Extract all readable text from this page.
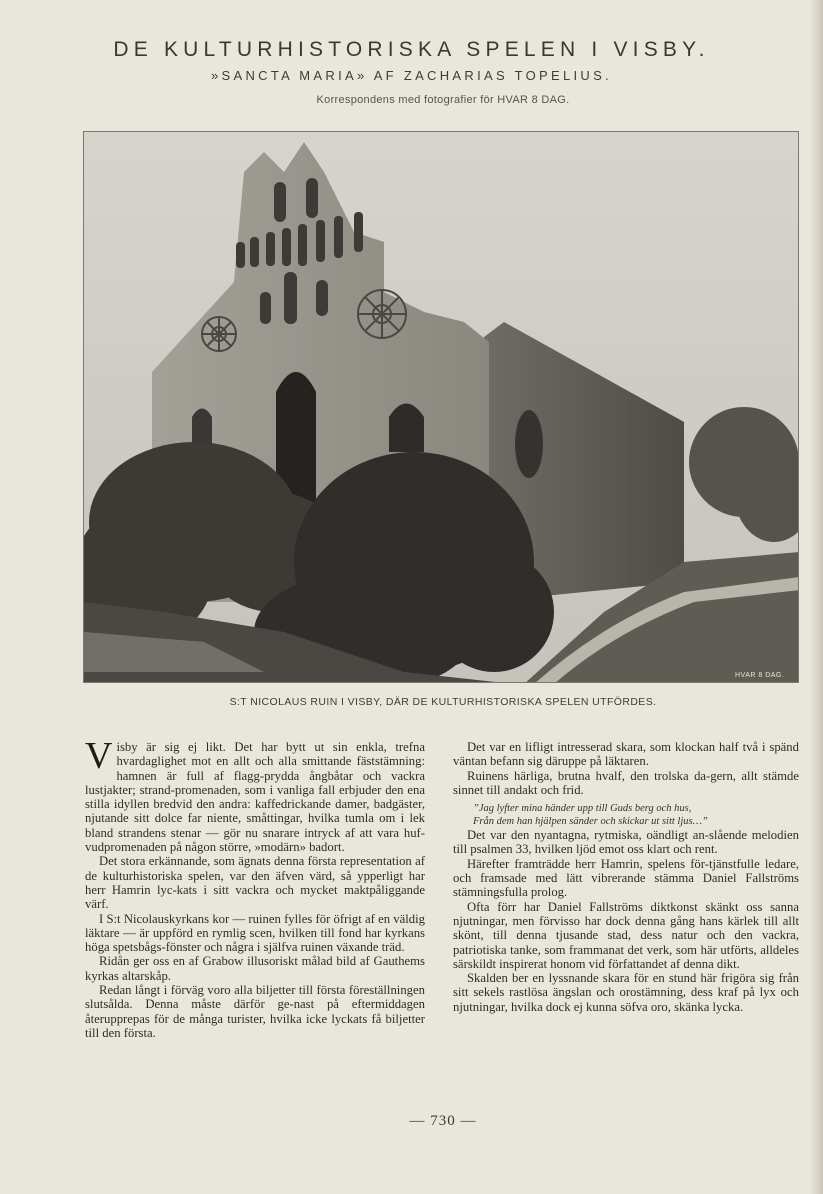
DE KULTURHISTORISKA SPELEN I VISBY.
»SANCTA MARIA» AF ZACHARIAS TOPELIUS.
Korrespondens med fotografier för HVAR 8 DAG.
HVAR 8 DAG.
S:T NICOLAUS RUIN I VISBY, DÄR DE KULTURHISTORISKA SPELEN UTFÖRDES.

Visby är sig ej likt. Det har bytt ut sin enkla, trefna hvardaglighet mot en allt och alla smittande fäststämning: hamnen är full af flagg-prydda ångbåtar och vackra lustjakter; strand-promenaden, som i vanliga fall erbjuder den ena stilla idyllen bredvid den andra: kaffedrickande damer, badgäster, njutande sitt dolce far niente, småttingar, hvilka tumla om i lek bland strandens stenar — gör nu snarare intryck af att vara huf-vudpromenaden på någon större, »modärn» badort.

Det stora erkännande, som ägnats denna första representation af de kulturhistoriska spelen, var den äfven värd, så ypperligt har herr Hamrin lyc-kats i sitt vackra och mycket maktpåliggande värf.

I S:t Nicolauskyrkans kor — ruinen fylles för öfrigt af en väldig läktare — är uppförd en rymlig scen, hvilken till fond har kyrkans höga spetsbågs-fönster och några i själfva ruinen växande träd.

Ridån ger oss en af Grabow illusoriskt målad bild af Gauthems kyrkas altarskåp.

Redan långt i förväg voro alla biljetter till första föreställningen slutsålda. Denna måste därför ge-nast på eftermiddagen återupprepas för de många turister, hvilka icke lyckats få biljetter till den första.

Det var en lifligt intresserad skara, som klockan half två i spänd väntan befann sig däruppe på läktaren.

Ruinens härliga, brutna hvalf, den trolska da-gern, allt stämde sinnet till andakt och frid.

”Jag lyfter mina händer upp till Guds berg och hus,
Från dem han hjälpen sänder och skickar ut sitt ljus…”

Det var den nyantagna, rytmiska, oändligt an-slående melodien till psalmen 33, hvilken ljöd emot oss klart och rent.

Härefter framträdde herr Hamrin, spelens för-tjänstfulle ledare, och framsade med lätt vibrerande stämma Daniel Fallströms stämningsfulla prolog.

Ofta förr har Daniel Fallströms diktkonst skänkt oss sanna njutningar, men förvisso har dock denna gång hans kärlek till allt skönt, till denna tjusande stad, dess natur och den vackra, patriotiska tanke, som frammanat det verk, som här utförts, alldeles särskildt inspirerat honom vid författandet af denna dikt.

Skalden ber en lyssnande skara för en stund här frigöra sig från sitt sekels rastlösa ängslan och orostämning, dess kraf på lyx och njutningar, hvilka dock ej kunna söfva oro, skänka lycka.

— 730 —
